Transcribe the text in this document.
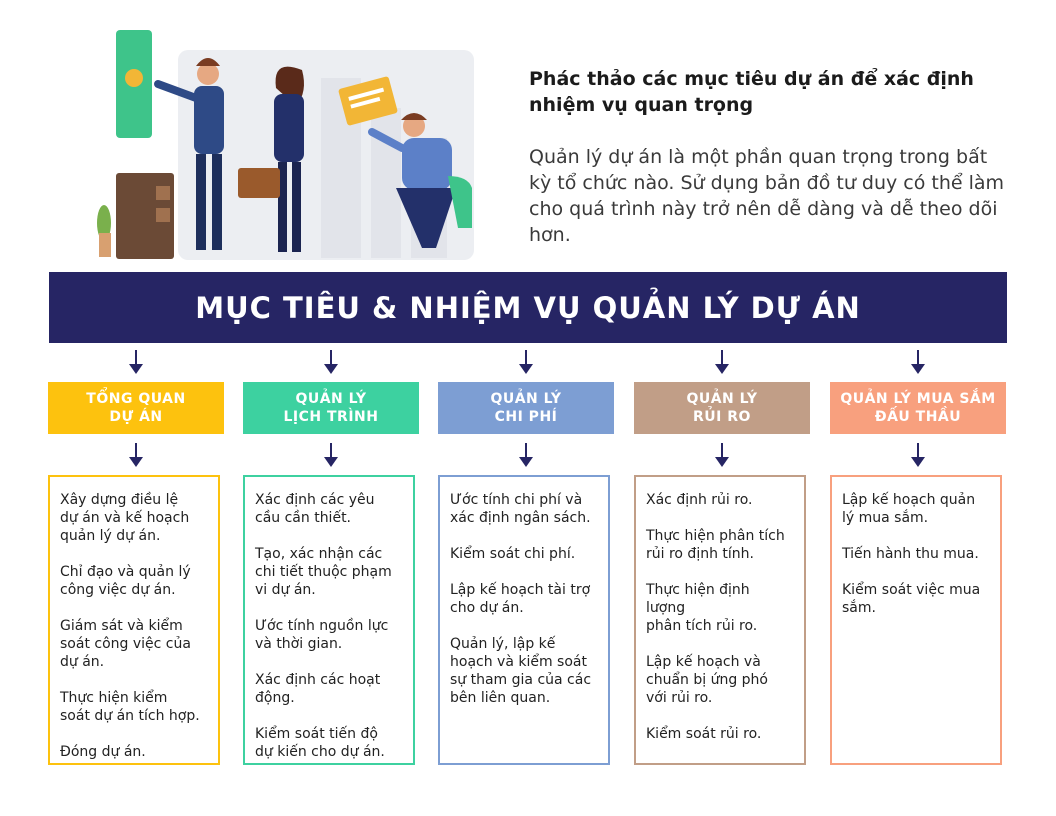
Phác thảo các mục tiêu dự án để xác định nhiệm vụ quan trọng

Quản lý dự án là một phần quan trọng trong bất kỳ tổ chức nào. Sử dụng bản đồ tư duy có thể làm cho quá trình này trở nên dễ dàng và dễ theo dõi hơn.

MỤC TIÊU & NHIỆM VỤ QUẢN LÝ DỰ ÁN
TỔNG QUAN
DỰ ÁN
Xây dựng điều lệ
dự án và kế hoạch
quản lý dự án.
Chỉ đạo và quản lý
công việc dự án.
Giám sát và kiểm
soát công việc của
dự án.
Thực hiện kiểm
soát dự án tích hợp.
Đóng dự án.
QUẢN LÝ
LỊCH TRÌNH
Xác định các yêu
cầu cần thiết.
Tạo, xác nhận các
chi tiết thuộc phạm
vi dự án.
Ước tính nguồn lực
và thời gian.
Xác định các hoạt
động.
Kiểm soát tiến độ
dự kiến cho dự án.
QUẢN LÝ
CHI PHÍ
Ước tính chi phí và
xác định ngân sách.
Kiểm soát chi phí.
Lập kế hoạch tài trợ
cho dự án.
Quản lý, lập kế
hoạch và kiểm soát
sự tham gia của các
bên liên quan.
QUẢN LÝ
RỦI RO
Xác định rủi ro.
Thực hiện phân tích
rủi ro định tính.
Thực hiện định
lượng
phân tích rủi ro.
Lập kế hoạch và
chuẩn bị ứng phó
với rủi ro.
Kiểm soát rủi ro.
QUẢN LÝ MUA SẮM
ĐẤU THẦU
Lập kế hoạch quản
lý mua sắm.
Tiến hành thu mua.
Kiểm soát việc mua
sắm.
